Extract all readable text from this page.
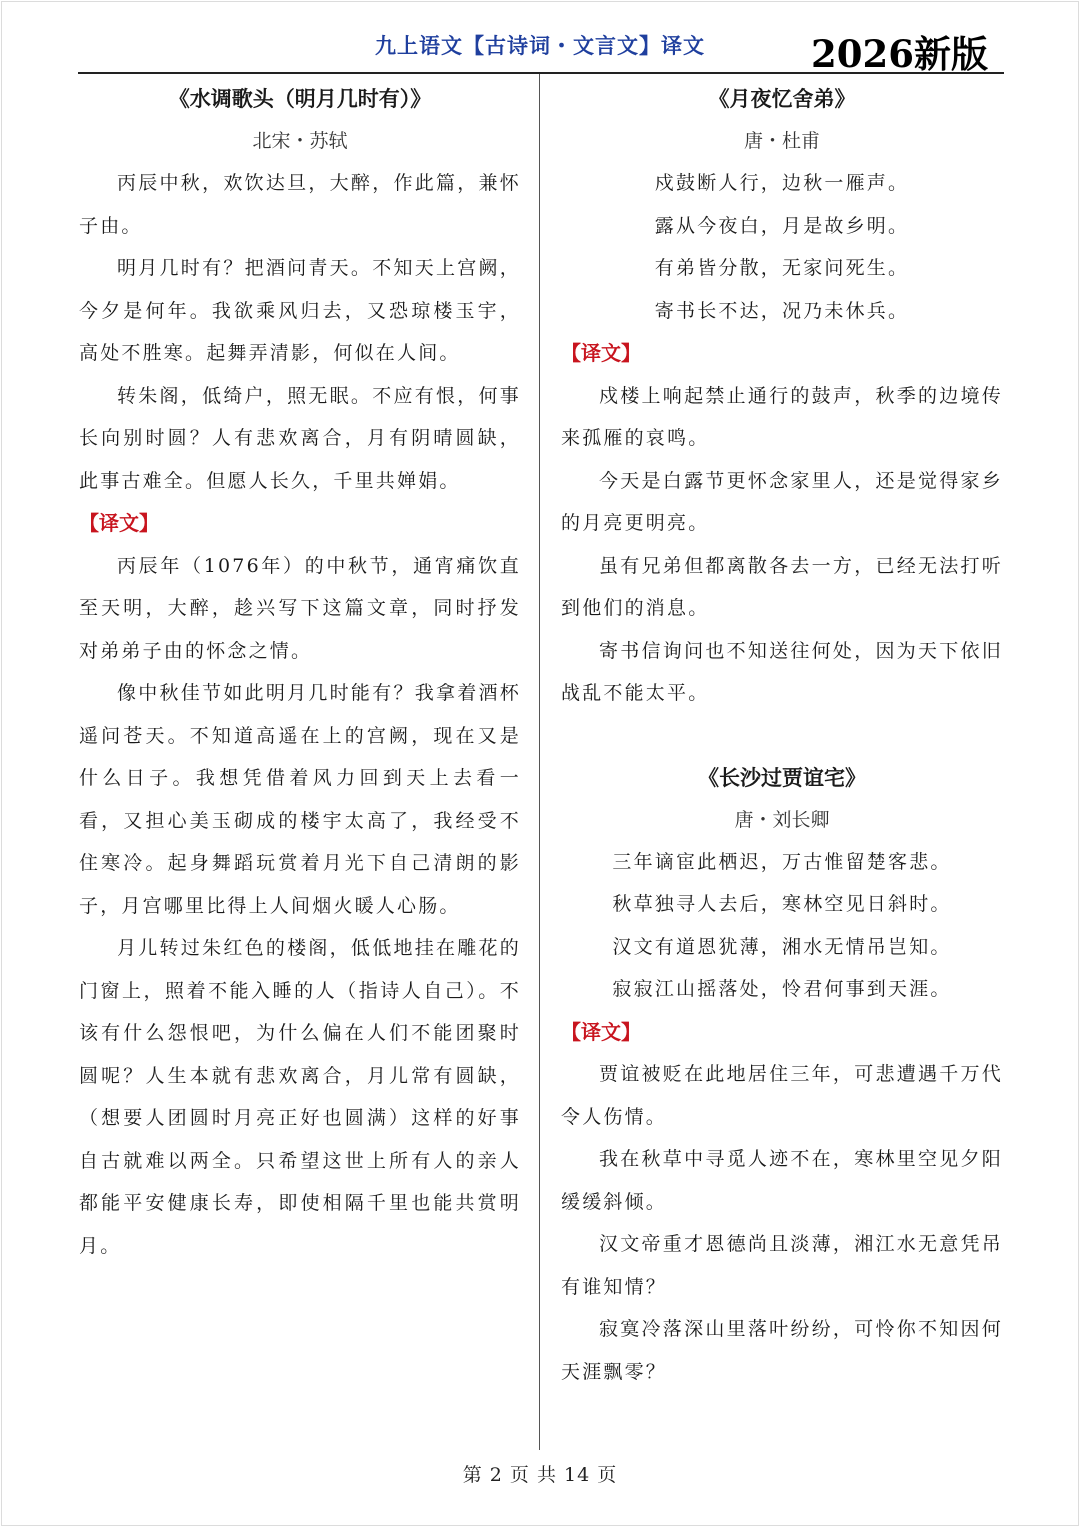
九上语文【古诗词・文言文】译文	2026新版
《水调歌头（明月几时有）》
北宋・苏轼

丙辰中秋，欢饮达旦，大醉，作此篇，兼怀子由。

明月几时有？把酒问青天。不知天上宫阙，今夕是何年。我欲乘风归去，又恐琼楼玉宇，高处不胜寒。起舞弄清影，何似在人间。

转朱阁，低绮户，照无眠。不应有恨，何事长向别时圆？人有悲欢离合，月有阴晴圆缺，此事古难全。但愿人长久，千里共婵娟。

【译文】

丙辰年（1076年）的中秋节，通宵痛饮直至天明，大醉，趁兴写下这篇文章，同时抒发对弟弟子由的怀念之情。

像中秋佳节如此明月几时能有？我拿着酒杯遥问苍天。不知道高遥在上的宫阙，现在又是什么日子。我想凭借着风力回到天上去看一看，又担心美玉砌成的楼宇太高了，我经受不住寒冷。起身舞蹈玩赏着月光下自己清朗的影子，月宫哪里比得上人间烟火暖人心肠。

月儿转过朱红色的楼阁，低低地挂在雕花的门窗上，照着不能入睡的人（指诗人自己）。不该有什么怨恨吧，为什么偏在人们不能团聚时圆呢？人生本就有悲欢离合，月儿常有圆缺，（想要人团圆时月亮正好也圆满）这样的好事自古就难以两全。只希望这世上所有人的亲人都能平安健康长寿，即使相隔千里也能共赏明月。

《月夜忆舍弟》
唐・杜甫

戍鼓断人行，边秋一雁声。

露从今夜白，月是故乡明。

有弟皆分散，无家问死生。

寄书长不达，况乃未休兵。

【译文】

戍楼上响起禁止通行的鼓声，秋季的边境传来孤雁的哀鸣。

今天是白露节更怀念家里人，还是觉得家乡的月亮更明亮。

虽有兄弟但都离散各去一方，已经无法打听到他们的消息。

寄书信询问也不知送往何处，因为天下依旧战乱不能太平。

《长沙过贾谊宅》
唐・刘长卿

三年谪宦此栖迟，万古惟留楚客悲。

秋草独寻人去后，寒林空见日斜时。

汉文有道恩犹薄，湘水无情吊岂知。

寂寂江山摇落处，怜君何事到天涯。

【译文】

贾谊被贬在此地居住三年，可悲遭遇千万代令人伤情。

我在秋草中寻觅人迹不在，寒林里空见夕阳缓缓斜倾。

汉文帝重才恩德尚且淡薄，湘江水无意凭吊有谁知情？

寂寞冷落深山里落叶纷纷，可怜你不知因何天涯飘零？

第 2 页 共 14 页
